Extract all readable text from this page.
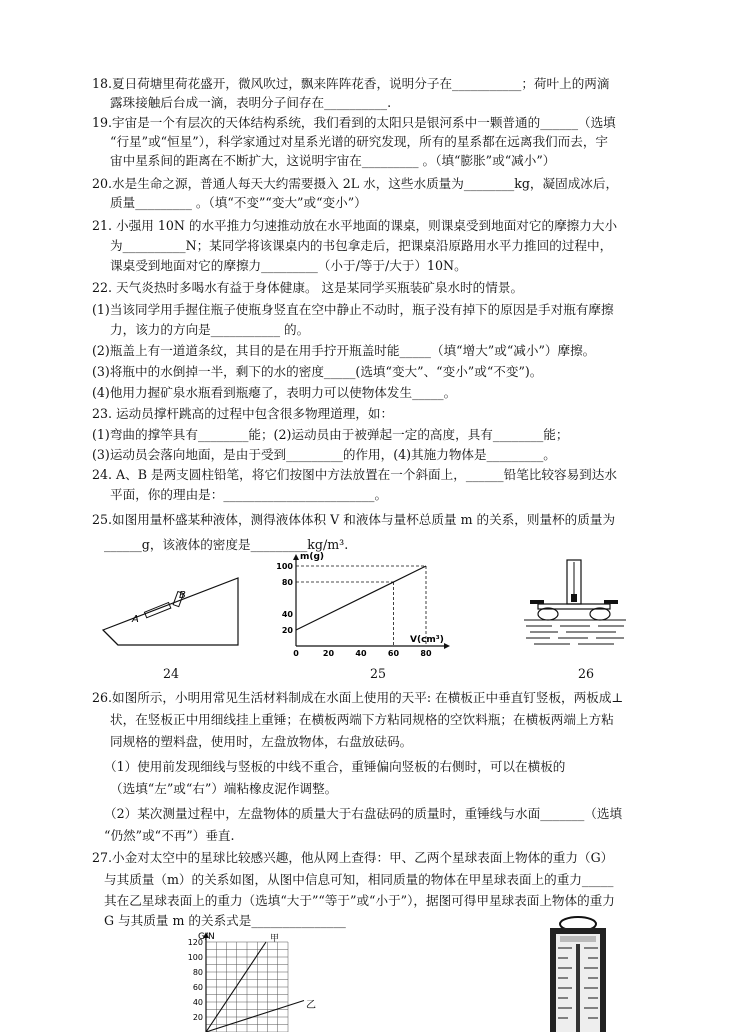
18.夏日荷塘里荷花盛开，微风吹过，飘来阵阵花香，说明分子在___________；荷叶上的两滴
露珠接触后台成一滴，表明分子间存在__________.
19.宇宙是一个有层次的天体结构系统，我们看到的太阳只是银河系中一颗普通的______（选填
“行星”或“恒星”），科学家通过对星系光谱的研究发现，所有的星系都在远离我们而去，宇
宙中星系间的距离在不断扩大，这说明宇宙在_________ 。（填“膨胀”或“减小”）
20.水是生命之源，普通人每天大约需要摄入 2L 水，这些水质量为________kg，凝固成冰后，
质量_________ 。（填“不变”“变大”或“变小”）
21. 小强用 10N 的水平推力匀速推动放在水平地面的课桌，则课桌受到地面对它的摩擦力大小
为__________N；某同学将该课桌内的书包拿走后，把课桌沿原路用水平力推回的过程中，
课桌受到地面对它的摩擦力_________（小于/等于/大于）10N。
22. 天气炎热时多喝水有益于身体健康。 这是某同学买瓶装矿泉水时的情景。
(1)当该同学用手握住瓶子使瓶身竖直在空中静止不动时，瓶子没有掉下的原因是手对瓶有摩擦
力，该力的方向是___________ 的。
(2)瓶盖上有一道道条纹，其目的是在用手拧开瓶盖时能_____（填“增大”或“减小”）摩擦。
(3)将瓶中的水倒掉一半，剩下的水的密度_____(选填“变大”、“变小”或“不变”)。
(4)他用力握矿泉水瓶看到瓶瘪了，表明力可以使物体发生_____。
23. 运动员撑杆跳高的过程中包含很多物理道理，如：
(1)弯曲的撑竿具有________能；(2)运动员由于被弹起一定的高度，具有________能；
(3)运动员会落向地面，是由于受到_________的作用，(4)其施力物体是_________。
24. A、B 是两支圆柱铅笔，将它们按图中方法放置在一个斜面上，______铅笔比较容易到达水
平面，你的理由是：________________________。
25.如图用量杯盛某种液体，测得液体体积 V 和液体与量杯总质量 m 的关系，则量杯的质量为
______g，该液体的密度是_________kg/m³.
A
B
24
100
80
40
20
0	20	40	60	80
m(g)
V(cm³)
25	26
26.如图所示，小明用常见生活材料制成在水面上使用的天平: 在横板正中垂直钉竖板，两板成⊥
状，在竖板正中用细线挂上重锤；在横板两端下方粘同规格的空饮料瓶；在横板两端上方粘
同规格的塑料盘，使用时，左盘放物体，右盘放砝码。
（1）使用前发现细线与竖板的中线不重合，重锤偏向竖板的右侧时，可以在横板的
（选填“左”或“右”）端粘橡皮泥作调整。
（2）某次测量过程中，左盘物体的质量大于右盘砝码的质量时，重锤线与水面_______（选填
“仍然”或“不再”）垂直.
27.小金对太空中的星球比较感兴趣，他从网上查得：甲、乙两个星球表面上物体的重力（G）
与其质量（m）的关系如图，从图中信息可知，相同质量的物体在甲星球表面上的重力_____
其在乙星球表面上的重力（选填“大于”“等于”或“小于”），据图可得甲星球表面上物体的重力
G 与其质量 m 的关系式是_______________
120
100
80
60
40
20
G/N	甲
乙
